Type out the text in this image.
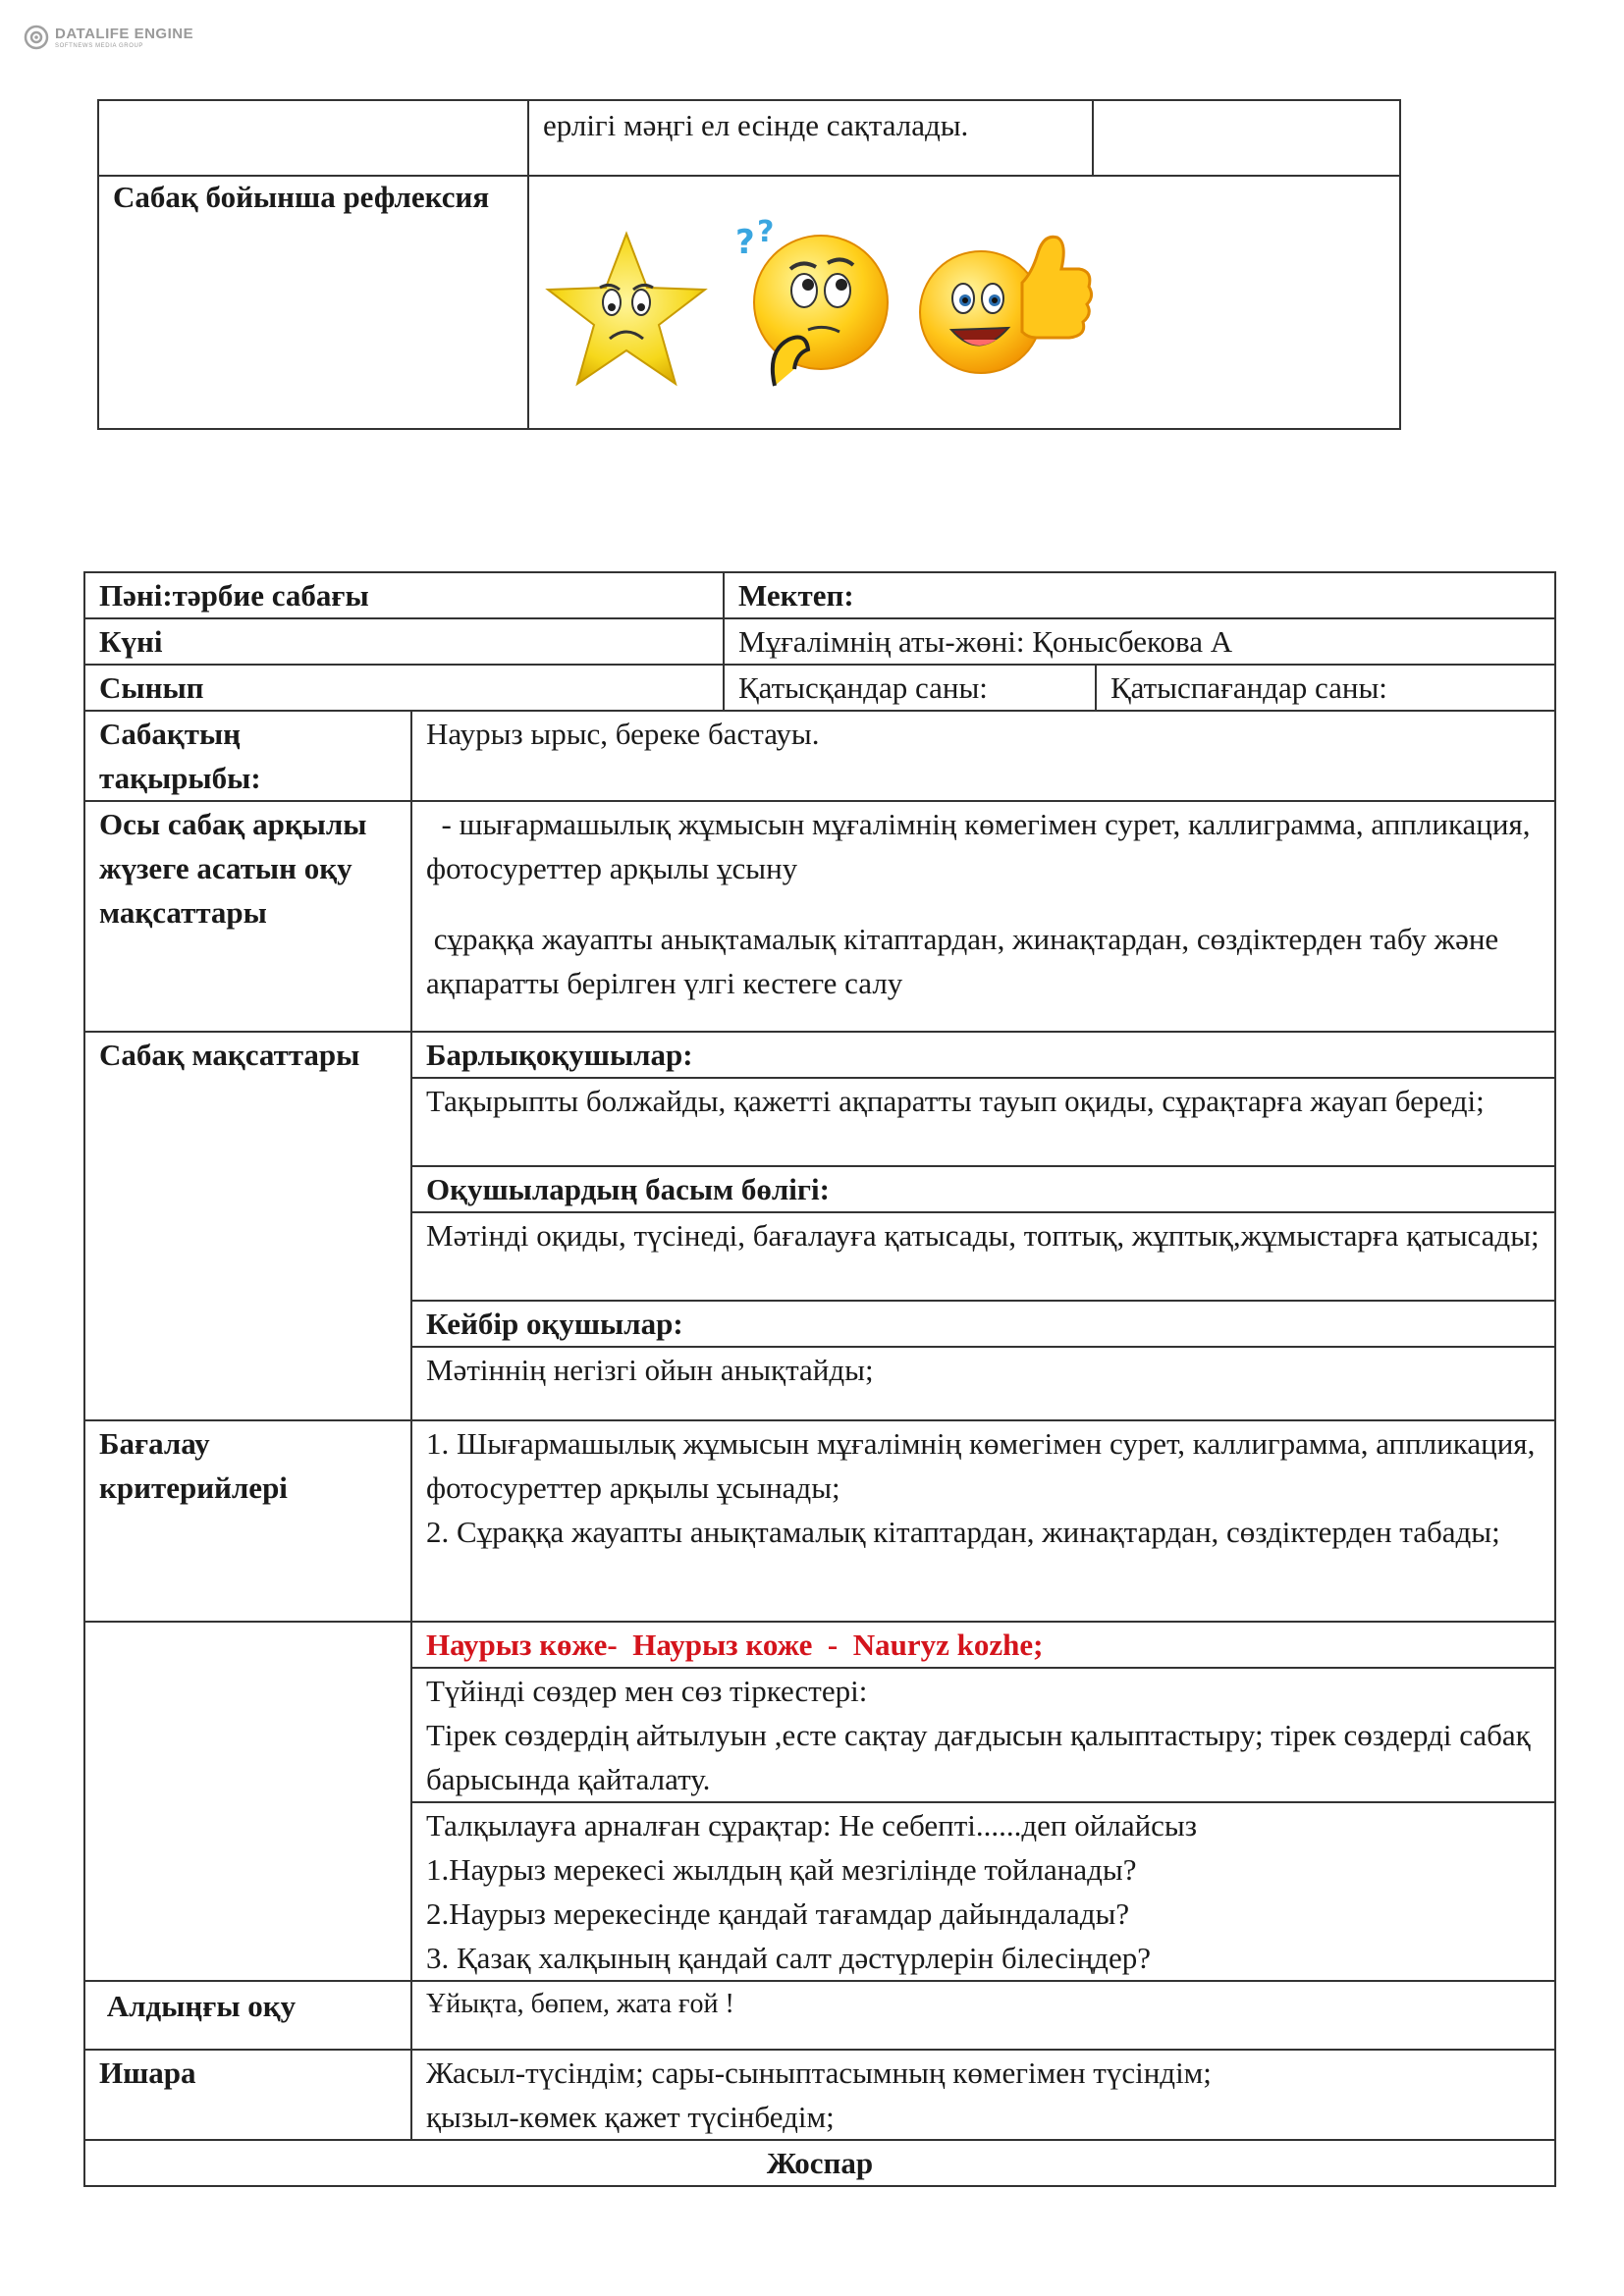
DATALIFE ENGINE
SOFTNEWS MEDIA GROUP
	ерлігі мәңгі ел есінде сақталады.	
Сабақ бойынша рефлексия	? ?	
Пәні:тәрбие сабағы		Мектеп:	
Күні		Мұғалімнің аты-жөні: Қонысбекова А	
Сынып		Қатысқандар саны:	Қатыспағандар саны:
Сабақтың тақырыбы:	Наурыз ырыс, береке бастауы.		
Осы сабақ арқылы жүзеге асатын оқу мақсаттары	- шығармашылық жұмысын мұғалімнің көмегімен сурет, каллиграмма, аппликация, фотосуреттер арқылы ұсыну

сұраққа жауапты анықтамалық кітаптардан, жинақтардан, сөздіктерден табу және ақпаратты берілген үлгі кестеге салу		

Сабақ мақсаттары	Барлықоқушылар:		
	Тақырыпты болжайды, қажетті ақпаратты тауып оқиды, сұрақтарға жауап береді;		
	Оқушылардың басым бөлігі:		
	Мәтінді оқиды, түсінеді, бағалауға қатысады, топтық, жұптық,жұмыстарға қатысады;		
	Кейбір оқушылар:		
	Мәтіннің негізгі ойын анықтайды;		
Бағалау критерийлері	1. Шығармашылық жұмысын мұғалімнің көмегімен сурет, каллиграмма, аппликация, фотосуреттер арқылы ұсынады;

2. Сұраққа жауапты анықтамалық кітаптардан, жинақтардан, сөздіктерден табады;		

	Наурыз көже-  Наурыз коже  -  Nauryz kozhe;		

	Түйінді сөздер мен сөз тіркестері:

Тірек сөздердің айтылуын ,есте сақтау дағдысын қалыптастыру; тірек сөздерді сабақ барысында қайталату.		

	Талқылауға арналған сұрақтар: Не себепті......деп ойлайсыз

1.Наурыз мерекесі жылдың қай мезгілінде тойланады?

2.Наурыз мерекесінде қандай тағамдар дайындалады?

3. Қазақ халқының қандай салт дәстүрлерін білесіңдер?		

Алдыңғы оқу	Ұйықта, бөпем, жата ғой !		
Ишара	Жасыл-түсіндім; сары-сыныптасымның көмегімен түсіндім;

қызыл-көмек қажет түсінбедім;		

Жоспар			
